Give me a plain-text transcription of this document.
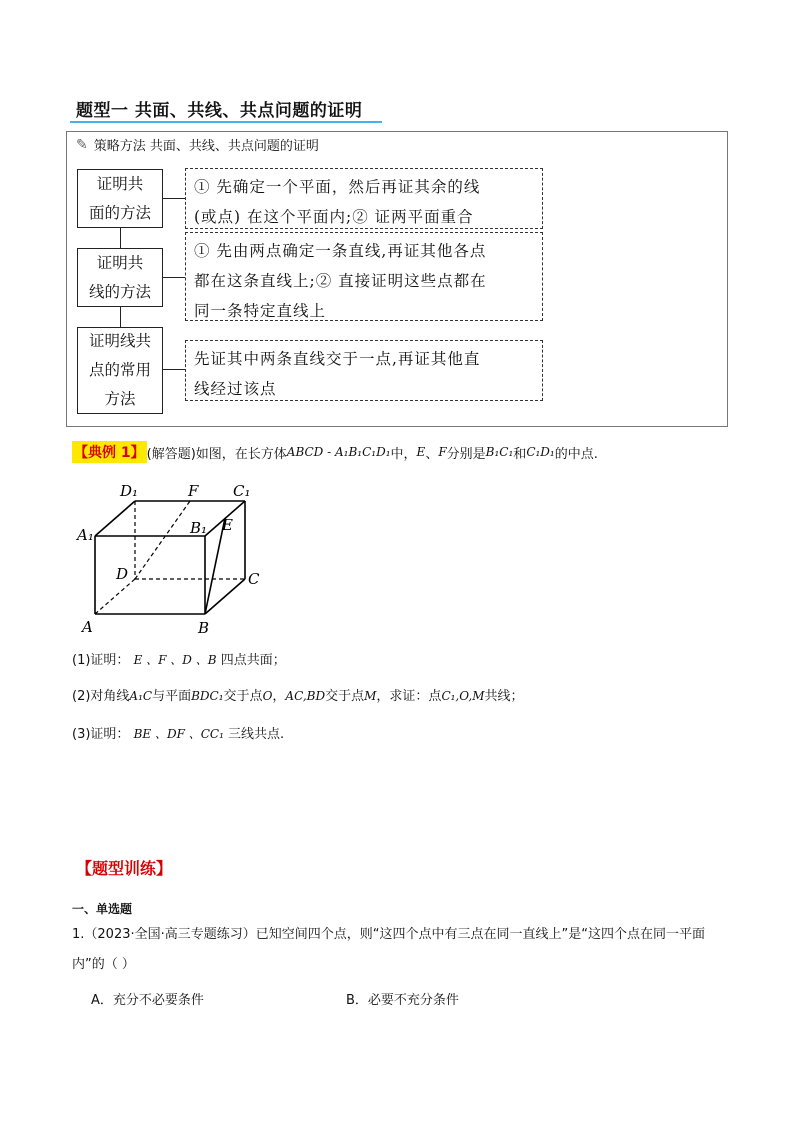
题型一 共面、共线、共点问题的证明
✎ 策略方法 共面、共线、共点问题的证明
证明共
面的方法
① 先确定一个平面，然后再证其余的线
(或点) 在这个平面内;② 证两平面重合
证明共
线的方法
① 先由两点确定一条直线,再证其他各点
都在这条直线上;② 直接证明这些点都在
同一条特定直线上
证明线共
点的常用
方法
先证其中两条直线交于一点,再证其他直
线经过该点
【典例 1】 (解答题) 如图，在长方体 ABCD - A₁B₁C₁D₁ 中， E 、 F 分别是 B₁C₁ 和 C₁D₁ 的中点.
D₁	F C₁
A₁	B₁ E
D	C
A	B
(1)证明： E 、F 、D 、B 四点共面；
(2)对角线A₁C与平面BDC₁交于点O，AC,BD交于点M，求证：点C₁,O,M共线；
(3)证明： BE 、DF 、CC₁ 三线共点.
【题型训练】
一、单选题
1.（2023·全国·高三专题练习）已知空间四个点，则“这四个点中有三点在同一直线上”是“这四个点在同一平面内”的（ ）
A．充分不必要条件	B．必要不充分条件
